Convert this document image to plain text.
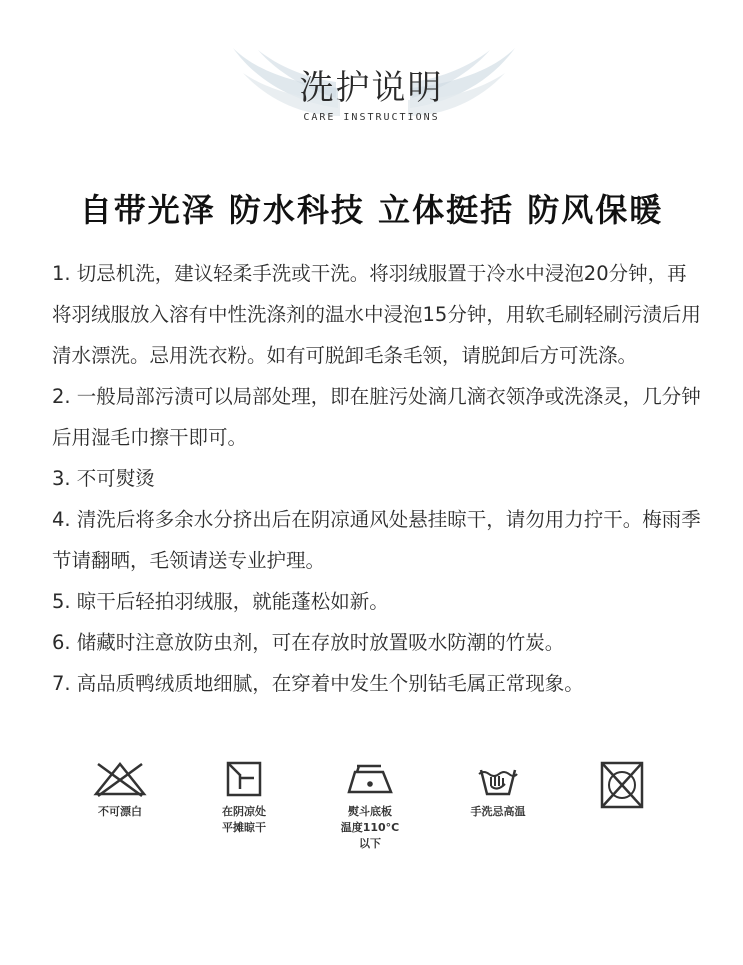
洗护说明
CARE INSTRUCTIONS
自带光泽 防水科技 立体挺括 防风保暖

1. 切忌机洗，建议轻柔手洗或干洗。将羽绒服置于冷水中浸泡20分钟，再将羽绒服放入溶有中性洗涤剂的温水中浸泡15分钟，用软毛刷轻刷污渍后用清水漂洗。忌用洗衣粉。如有可脱卸毛条毛领，请脱卸后方可洗涤。

2. 一般局部污渍可以局部处理，即在脏污处滴几滴衣领净或洗涤灵，几分钟后用湿毛巾擦干即可。

3. 不可熨烫

4. 清洗后将多余水分挤出后在阴凉通风处悬挂晾干，请勿用力拧干。梅雨季节请翻晒，毛领请送专业护理。

5. 晾干后轻拍羽绒服，就能蓬松如新。

6. 储藏时注意放防虫剂，可在存放时放置吸水防潮的竹炭。

7. 高品质鸭绒质地细腻，在穿着中发生个别钻毛属正常现象。

不可漂白	在阴凉处
平摊晾干
熨斗底板
温度110°C
以下
手洗忌高温
